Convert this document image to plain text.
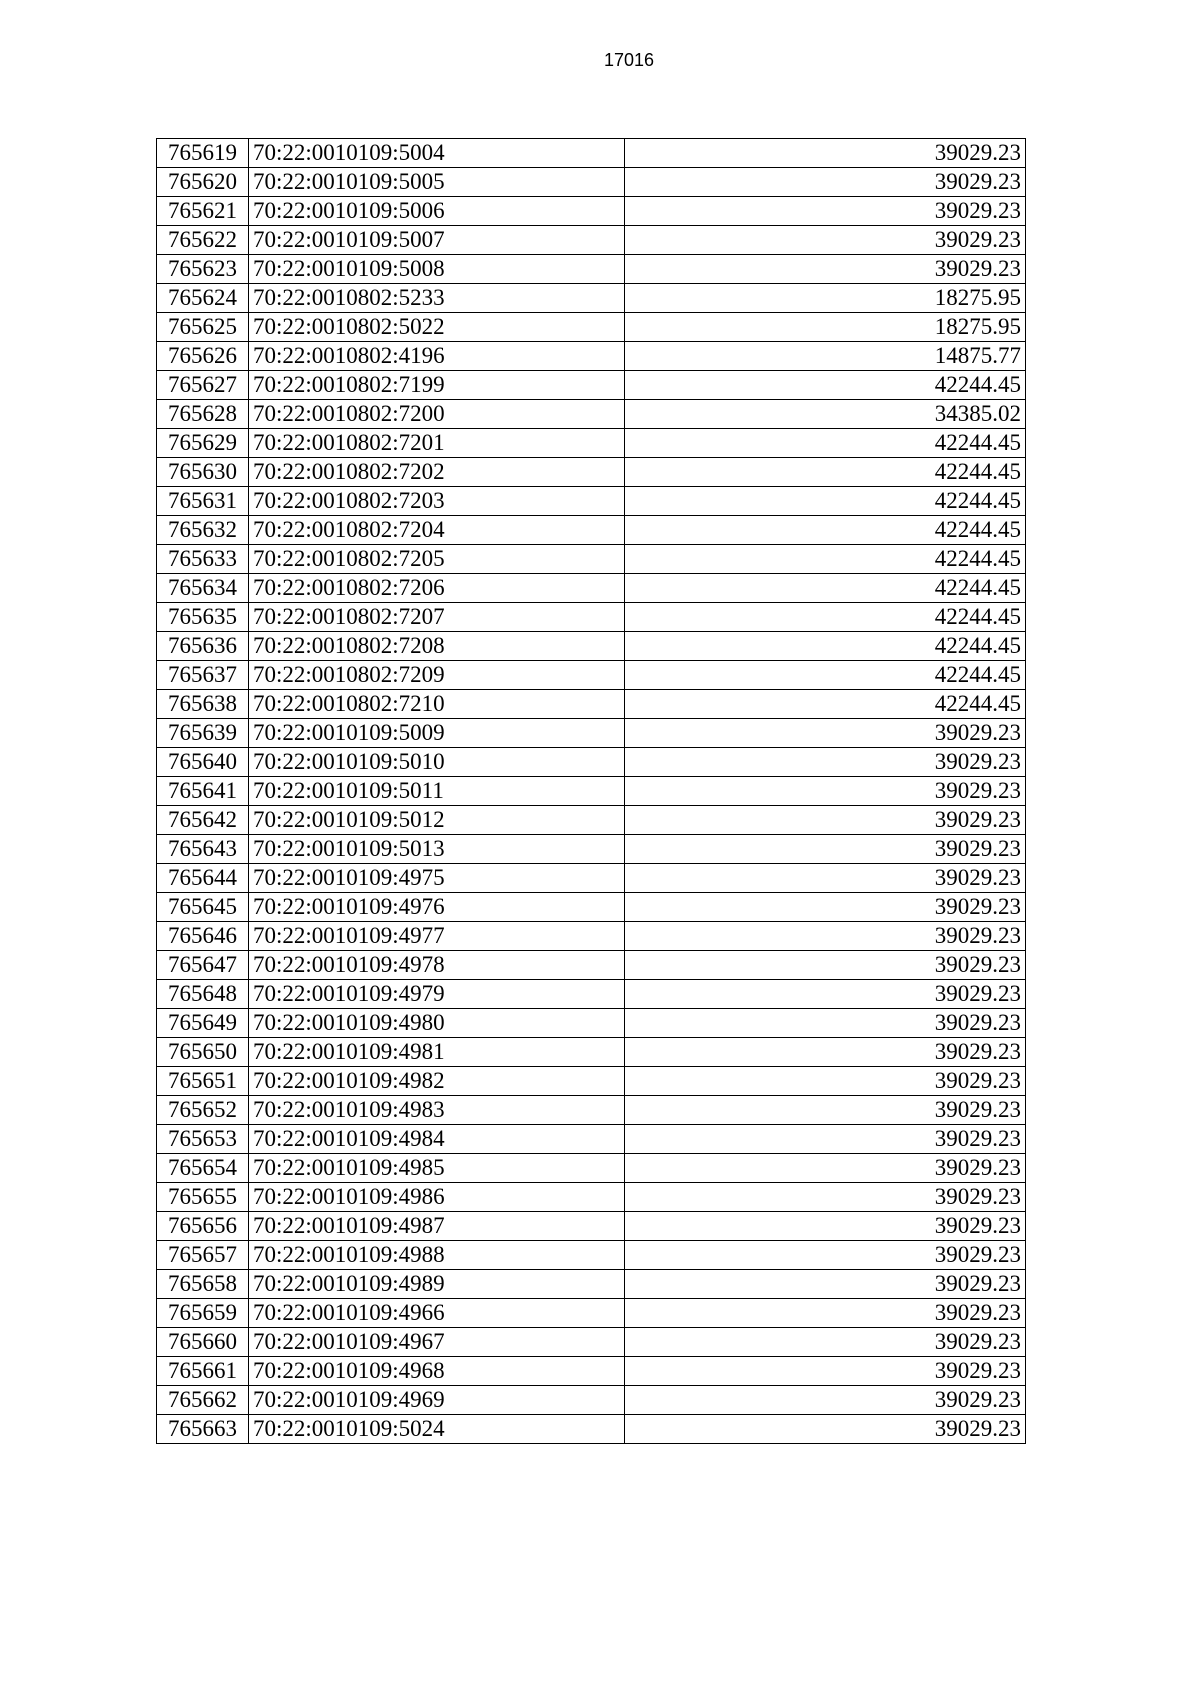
17016
765619	70:22:0010109:5004	39029.23
765620	70:22:0010109:5005	39029.23
765621	70:22:0010109:5006	39029.23
765622	70:22:0010109:5007	39029.23
765623	70:22:0010109:5008	39029.23
765624	70:22:0010802:5233	18275.95
765625	70:22:0010802:5022	18275.95
765626	70:22:0010802:4196	14875.77
765627	70:22:0010802:7199	42244.45
765628	70:22:0010802:7200	34385.02
765629	70:22:0010802:7201	42244.45
765630	70:22:0010802:7202	42244.45
765631	70:22:0010802:7203	42244.45
765632	70:22:0010802:7204	42244.45
765633	70:22:0010802:7205	42244.45
765634	70:22:0010802:7206	42244.45
765635	70:22:0010802:7207	42244.45
765636	70:22:0010802:7208	42244.45
765637	70:22:0010802:7209	42244.45
765638	70:22:0010802:7210	42244.45
765639	70:22:0010109:5009	39029.23
765640	70:22:0010109:5010	39029.23
765641	70:22:0010109:5011	39029.23
765642	70:22:0010109:5012	39029.23
765643	70:22:0010109:5013	39029.23
765644	70:22:0010109:4975	39029.23
765645	70:22:0010109:4976	39029.23
765646	70:22:0010109:4977	39029.23
765647	70:22:0010109:4978	39029.23
765648	70:22:0010109:4979	39029.23
765649	70:22:0010109:4980	39029.23
765650	70:22:0010109:4981	39029.23
765651	70:22:0010109:4982	39029.23
765652	70:22:0010109:4983	39029.23
765653	70:22:0010109:4984	39029.23
765654	70:22:0010109:4985	39029.23
765655	70:22:0010109:4986	39029.23
765656	70:22:0010109:4987	39029.23
765657	70:22:0010109:4988	39029.23
765658	70:22:0010109:4989	39029.23
765659	70:22:0010109:4966	39029.23
765660	70:22:0010109:4967	39029.23
765661	70:22:0010109:4968	39029.23
765662	70:22:0010109:4969	39029.23
765663	70:22:0010109:5024	39029.23
